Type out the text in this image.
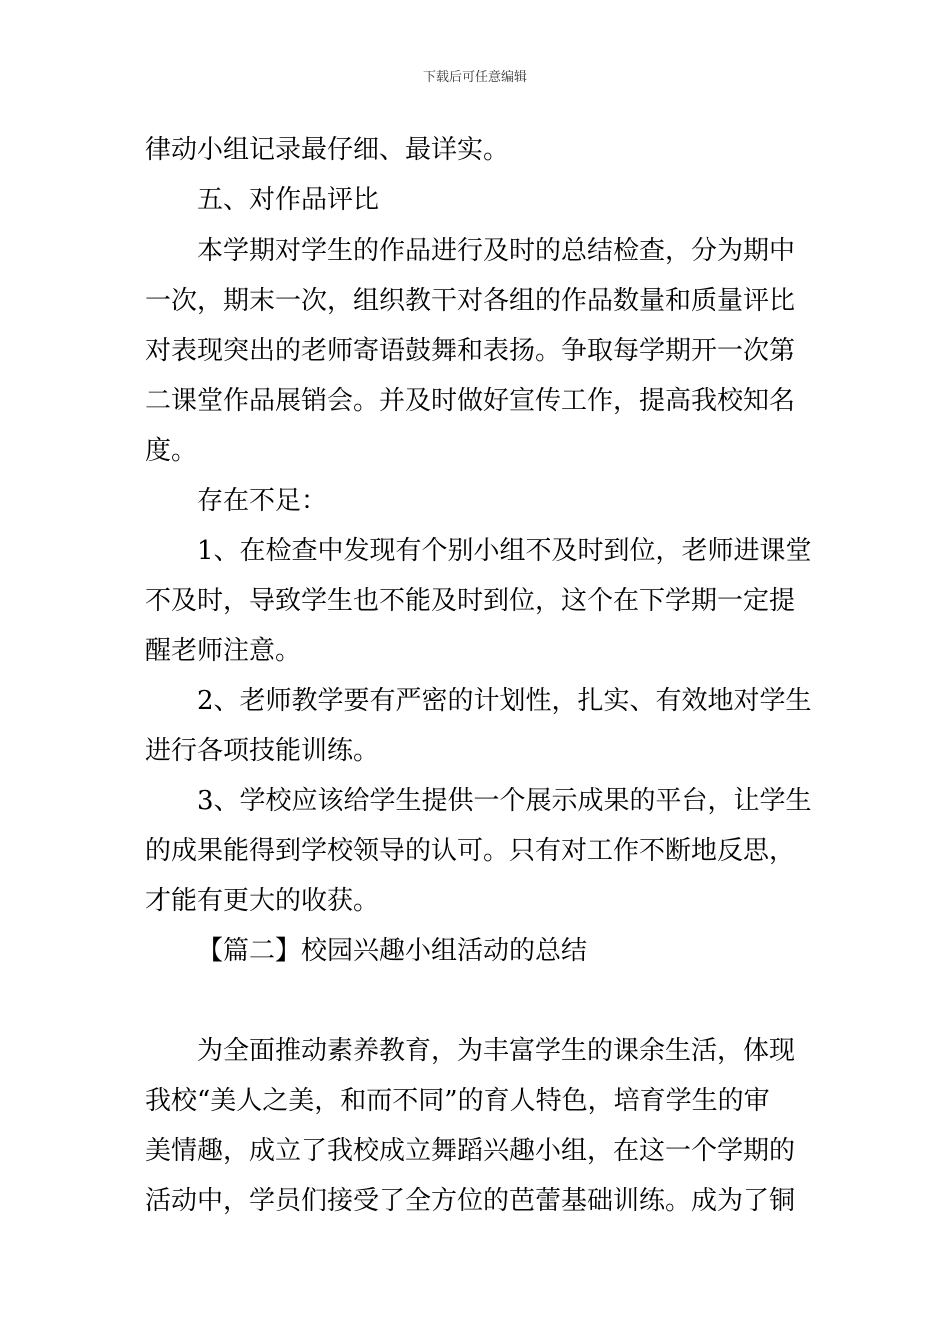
下载后可任意编辑
律动小组记录最仔细、最详实。
五、对作品评比
本学期对学生的作品进行及时的总结检查，分为期中
一次，期末一次，组织教干对各组的作品数量和质量评比
对表现突出的老师寄语鼓舞和表扬。争取每学期开一次第
二课堂作品展销会。并及时做好宣传工作，提高我校知名
度。
存在不足：
1、在检查中发现有个别小组不及时到位，老师进课堂
不及时，导致学生也不能及时到位，这个在下学期一定提
醒老师注意。
2、老师教学要有严密的计划性，扎实、有效地对学生
进行各项技能训练。
3、学校应该给学生提供一个展示成果的平台，让学生
的成果能得到学校领导的认可。只有对工作不断地反思，
才能有更大的收获。
【篇二】校园兴趣小组活动的总结
为全面推动素养教育，为丰富学生的课余生活，体现
我校“美人之美，和而不同”的育人特色，培育学生的审
美情趣，成立了我校成立舞蹈兴趣小组，在这一个学期的
活动中，学员们接受了全方位的芭蕾基础训练。成为了铜
